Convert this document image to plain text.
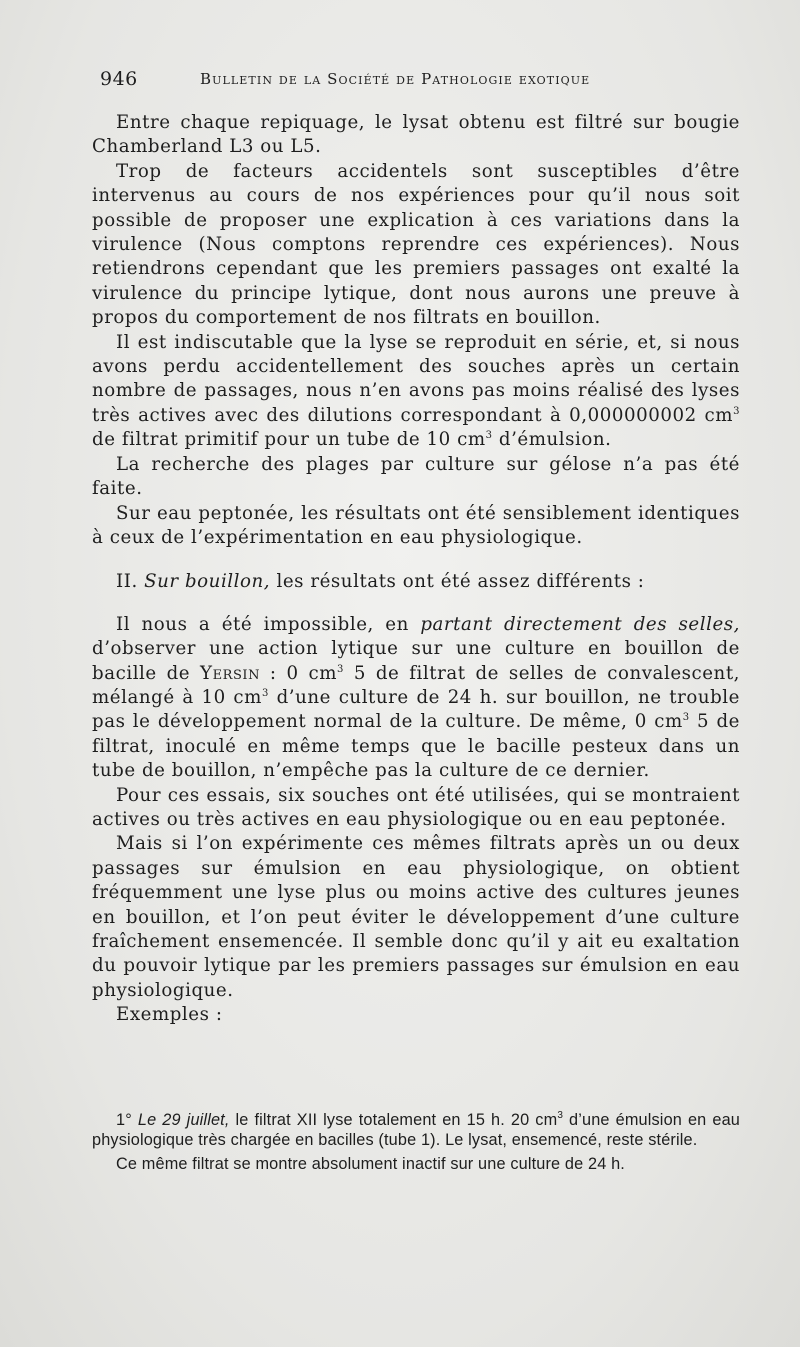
946	Bulletin de la Société de Pathologie exotique

Entre chaque repiquage, le lysat obtenu est filtré sur bougie Chamberland L3 ou L5.

Trop de facteurs accidentels sont susceptibles d’être intervenus au cours de nos expériences pour qu’il nous soit possible de proposer une explication à ces variations dans la virulence (Nous comptons reprendre ces expériences). Nous retiendrons cependant que les premiers passages ont exalté la virulence du principe lytique, dont nous aurons une preuve à propos du comportement de nos filtrats en bouillon.

Il est indiscutable que la lyse se reproduit en série, et, si nous avons perdu accidentellement des souches après un certain nombre de passages, nous n’en avons pas moins réalisé des lyses très actives avec des dilutions correspondant à 0,000000002 $cm^3$ de filtrat primitif pour un tube de 10 $cm^3$ d’émulsion.

La recherche des plages par culture sur gélose n’a pas été faite.

Sur eau peptonée, les résultats ont été sensiblement identiques à ceux de l’expérimentation en eau physiologique.

II. Sur bouillon, les résultats ont été assez différents :

Il nous a été impossible, en partant directement des selles, d’observer une action lytique sur une culture en bouillon de bacille de Yersin : 0 $cm^3$ 5 de filtrat de selles de convalescent, mélangé à 10 $cm^3$ d’une culture de 24 h. sur bouillon, ne trouble pas le développement normal de la culture. De même, 0 $cm^3$ 5 de filtrat, inoculé en même temps que le bacille pesteux dans un tube de bouillon, n’empêche pas la culture de ce dernier.

Pour ces essais, six souches ont été utilisées, qui se montraient actives ou très actives en eau physiologique ou en eau peptonée.

Mais si l’on expérimente ces mêmes filtrats après un ou deux passages sur émulsion en eau physiologique, on obtient fréquemment une lyse plus ou moins active des cultures jeunes en bouillon, et l’on peut éviter le développement d’une culture fraîchement ensemencée. Il semble donc qu’il y ait eu exaltation du pouvoir lytique par les premiers passages sur émulsion en eau physiologique.

Exemples :

1° Le 29 juillet, le filtrat XII lyse totalement en 15 h. 20 $cm^3$ d’une émulsion en eau physiologique très chargée en bacilles (tube 1). Le lysat, ensemencé, reste stérile.

Ce même filtrat se montre absolument inactif sur une culture de 24 h.
